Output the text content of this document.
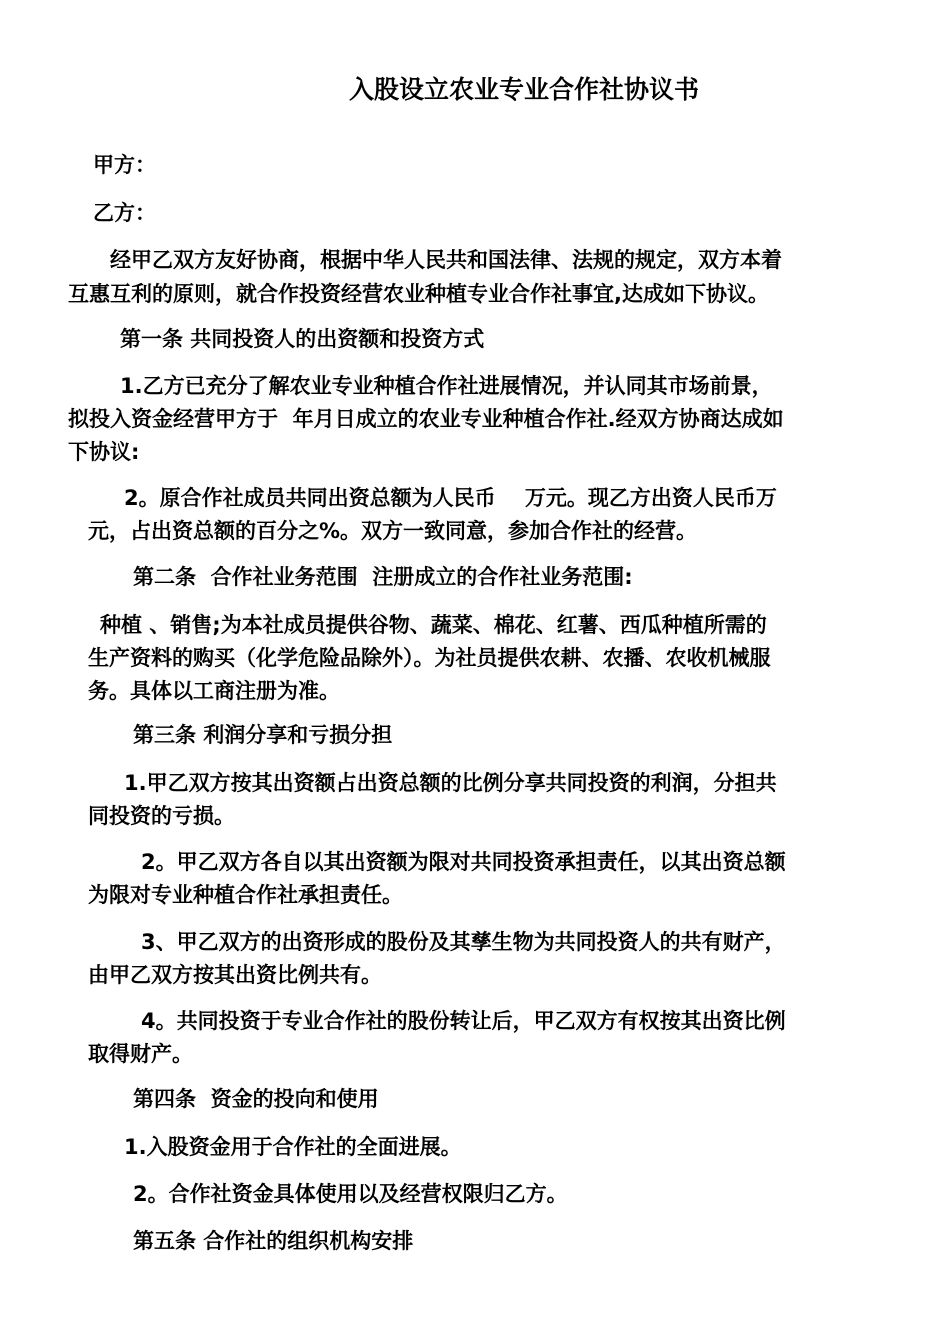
入股设立农业专业合作社协议书
甲方：
乙方：
经甲乙双方友好协商，根据中华人民共和国法律、法规的规定，双方本着
互惠互利的原则，就合作投资经营农业种植专业合作社事宜,达成如下协议。
第一条 共同投资人的出资额和投资方式
1.乙方已充分了解农业专业种植合作社进展情况，并认同其市场前景，
拟投入资金经营甲方于  年月日成立的农业专业种植合作社.经双方协商达成如
下协议:
2。原合作社成员共同出资总额为人民币    万元。现乙方出资人民币万
元，占出资总额的百分之%。双方一致同意，参加合作社的经营。
第二条  合作社业务范围  注册成立的合作社业务范围:
种植 、销售;为本社成员提供谷物、蔬菜、棉花、红薯、西瓜种植所需的
生产资料的购买（化学危险品除外）。为社员提供农耕、农播、农收机械服
务。具体以工商注册为准。
第三条 利润分享和亏损分担
1.甲乙双方按其出资额占出资总额的比例分享共同投资的利润，分担共
同投资的亏损。
2。甲乙双方各自以其出资额为限对共同投资承担责任，以其出资总额
为限对专业种植合作社承担责任。
3、甲乙双方的出资形成的股份及其孳生物为共同投资人的共有财产，
由甲乙双方按其出资比例共有。
4。共同投资于专业合作社的股份转让后，甲乙双方有权按其出资比例
取得财产。
第四条  资金的投向和使用
1.入股资金用于合作社的全面进展。
2。合作社资金具体使用以及经营权限归乙方。
第五条 合作社的组织机构安排
